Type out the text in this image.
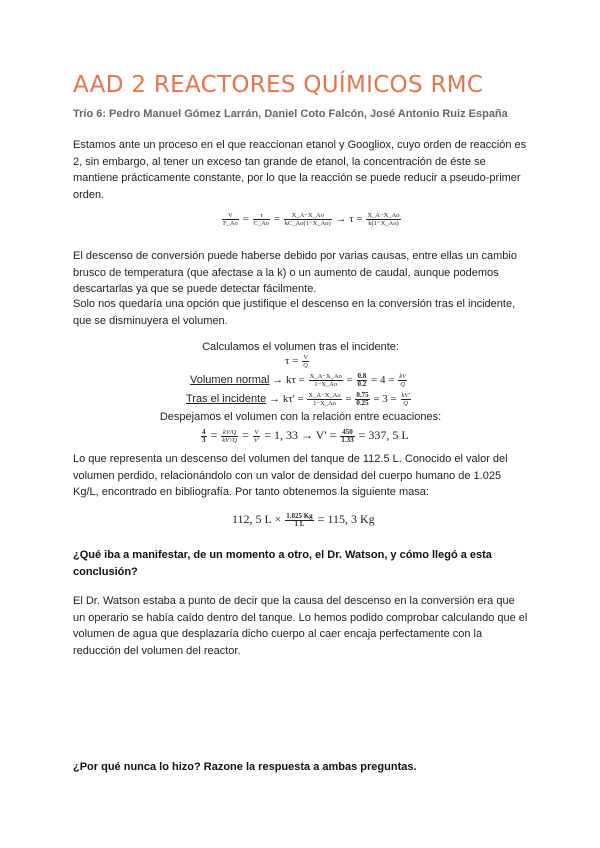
AAD 2 REACTORES QUÍMICOS RMC
Trío 6: Pedro Manuel Gómez Larrán, Daniel Coto Falcón, José Antonio Ruiz España
Estamos ante un proceso en el que reaccionan etanol y Googliox, cuyo orden de reacción es 2, sin embargo, al tener un exceso tan grande de etanol, la concentración de éste se mantiene prácticamente constante, por lo que la reacción se puede reducir a pseudo-primer orden.
$\frac{V}{F\_Ao} = \frac{\tau}{C\_Ao} = \frac{X\_A-X\_Ao}{kC\_Ao(1-X\_Ao)} \to \tau = \frac{X\_A-X\_Ao}{k(1-X\_Ao)}$
El descenso de conversión puede haberse debido por varias causas, entre ellas un cambio brusco de temperatura (que afectase a la k) o un aumento de caudal, aunque podemos descartarlas ya que se puede detectar fácilmente.
Solo nos quedaría una opción que justifique el descenso en la conversión tras el incidente, que se disminuyera el volumen.
Calculamos el volumen tras el incidente:
$\tau = \frac{V}{Q}$
Volumen normal → $k\tau = \frac{X\_A-X\_Ao}{1-X\_Ao} = \frac{0.8}{0.2} = 4 = \frac{kV}{Q}$
Tras el incidente → $k\tau' = \frac{X\_A-X\_Ao}{1-X\_Ao} = \frac{0.75}{0.25} = 3 = \frac{kV'}{Q}$
Despejamos el volumen con la relación entre ecuaciones:
$\frac{4}{3} = \frac{kV/Q}{kV'/Q} = \frac{V}{V'} = 1$, $33 \to V' = \frac{450}{1.33} = 337$, 5 L
Lo que representa un descenso del volumen del tanque de 112.5 L. Conocido el valor del volumen perdido, relacionándolo con un valor de densidad del cuerpo humano de 1.025 Kg/L, encontrado en bibliografía. Por tanto obtenemos la siguiente masa:
112, 5 $L \times \frac{1.025 Kg}{1 L} = 115$, 3 Kg
¿Qué iba a manifestar, de un momento a otro, el Dr. Watson, y cómo llegó a esta conclusión?
El Dr. Watson estaba a punto de decir que la causa del descenso en la conversión era que un operario se había caído dentro del tanque. Lo hemos podido comprobar calculando que el volumen de agua que desplazaría dicho cuerpo al caer encaja perfectamente con la reducción del volumen del reactor.
¿Por qué nunca lo hizo? Razone la respuesta a ambas preguntas.
